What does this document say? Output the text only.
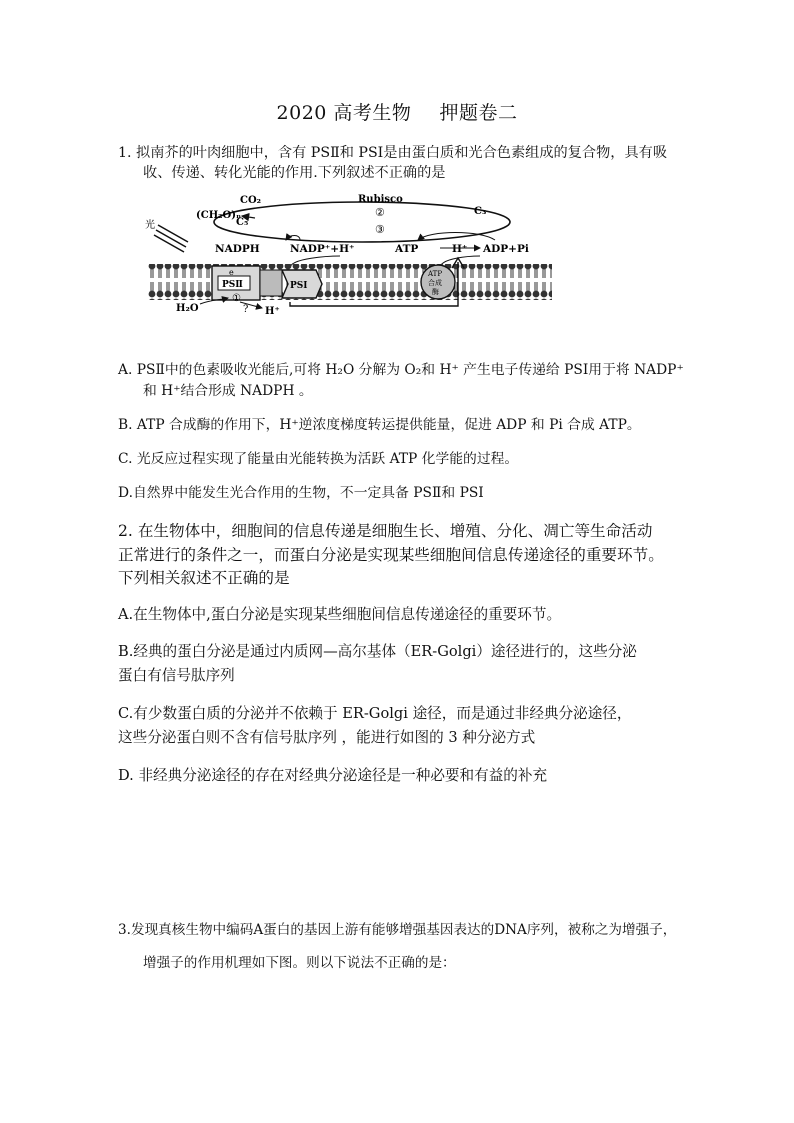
2020 高考生物 押题卷二
1. 拟南芥的叶肉细胞中，含有 PSⅡ和 PSⅠ是由蛋白质和光合色素组成的复合物，具有吸
收、传递、转化光能的作用.下列叙述不正确的是
CO₂	Rubisco
②	C₃
C₅
③
(CH₂O)ₙ
光
NADPH	NADP⁺+H⁺	ATP	H⁺ ADP+Pi
PSⅡ
e
PSⅠ
ATP
合成
酶
①
H₂O	? H⁺
A. PSⅡ中的色素吸收光能后,可将 H₂O 分解为 O₂和 H⁺ 产生电子传递给 PSⅠ用于将 NADP⁺
和 H⁺结合形成 NADPH 。
B. ATP 合成酶的作用下，H⁺逆浓度梯度转运提供能量，促进 ADP 和 Pi 合成 ATP。
C. 光反应过程实现了能量由光能转换为活跃 ATP 化学能的过程。
D.自然界中能发生光合作用的生物，不一定具备 PSⅡ和 PSⅠ
2. 在生物体中，细胞间的信息传递是细胞生长、增殖、分化、凋亡等生命活动
正常进行的条件之一，而蛋白分泌是实现某些细胞间信息传递途径的重要环节。
下列相关叙述不正确的是
A.在生物体中,蛋白分泌是实现某些细胞间信息传递途径的重要环节。
B.经典的蛋白分泌是通过内质网—高尔基体（ER-Golgi）途径进行的，这些分泌
蛋白有信号肽序列
C.有少数蛋白质的分泌并不依赖于 ER-Golgi 途径，而是通过非经典分泌途径，
这些分泌蛋白则不含有信号肽序列 ，能进行如图的 3 种分泌方式
D. 非经典分泌途径的存在对经典分泌途径是一种必要和有益的补充
3.发现真核生物中编码A蛋白的基因上游有能够增强基因表达的DNA序列，被称之为增强子，
增强子的作用机理如下图。则以下说法不正确的是：
